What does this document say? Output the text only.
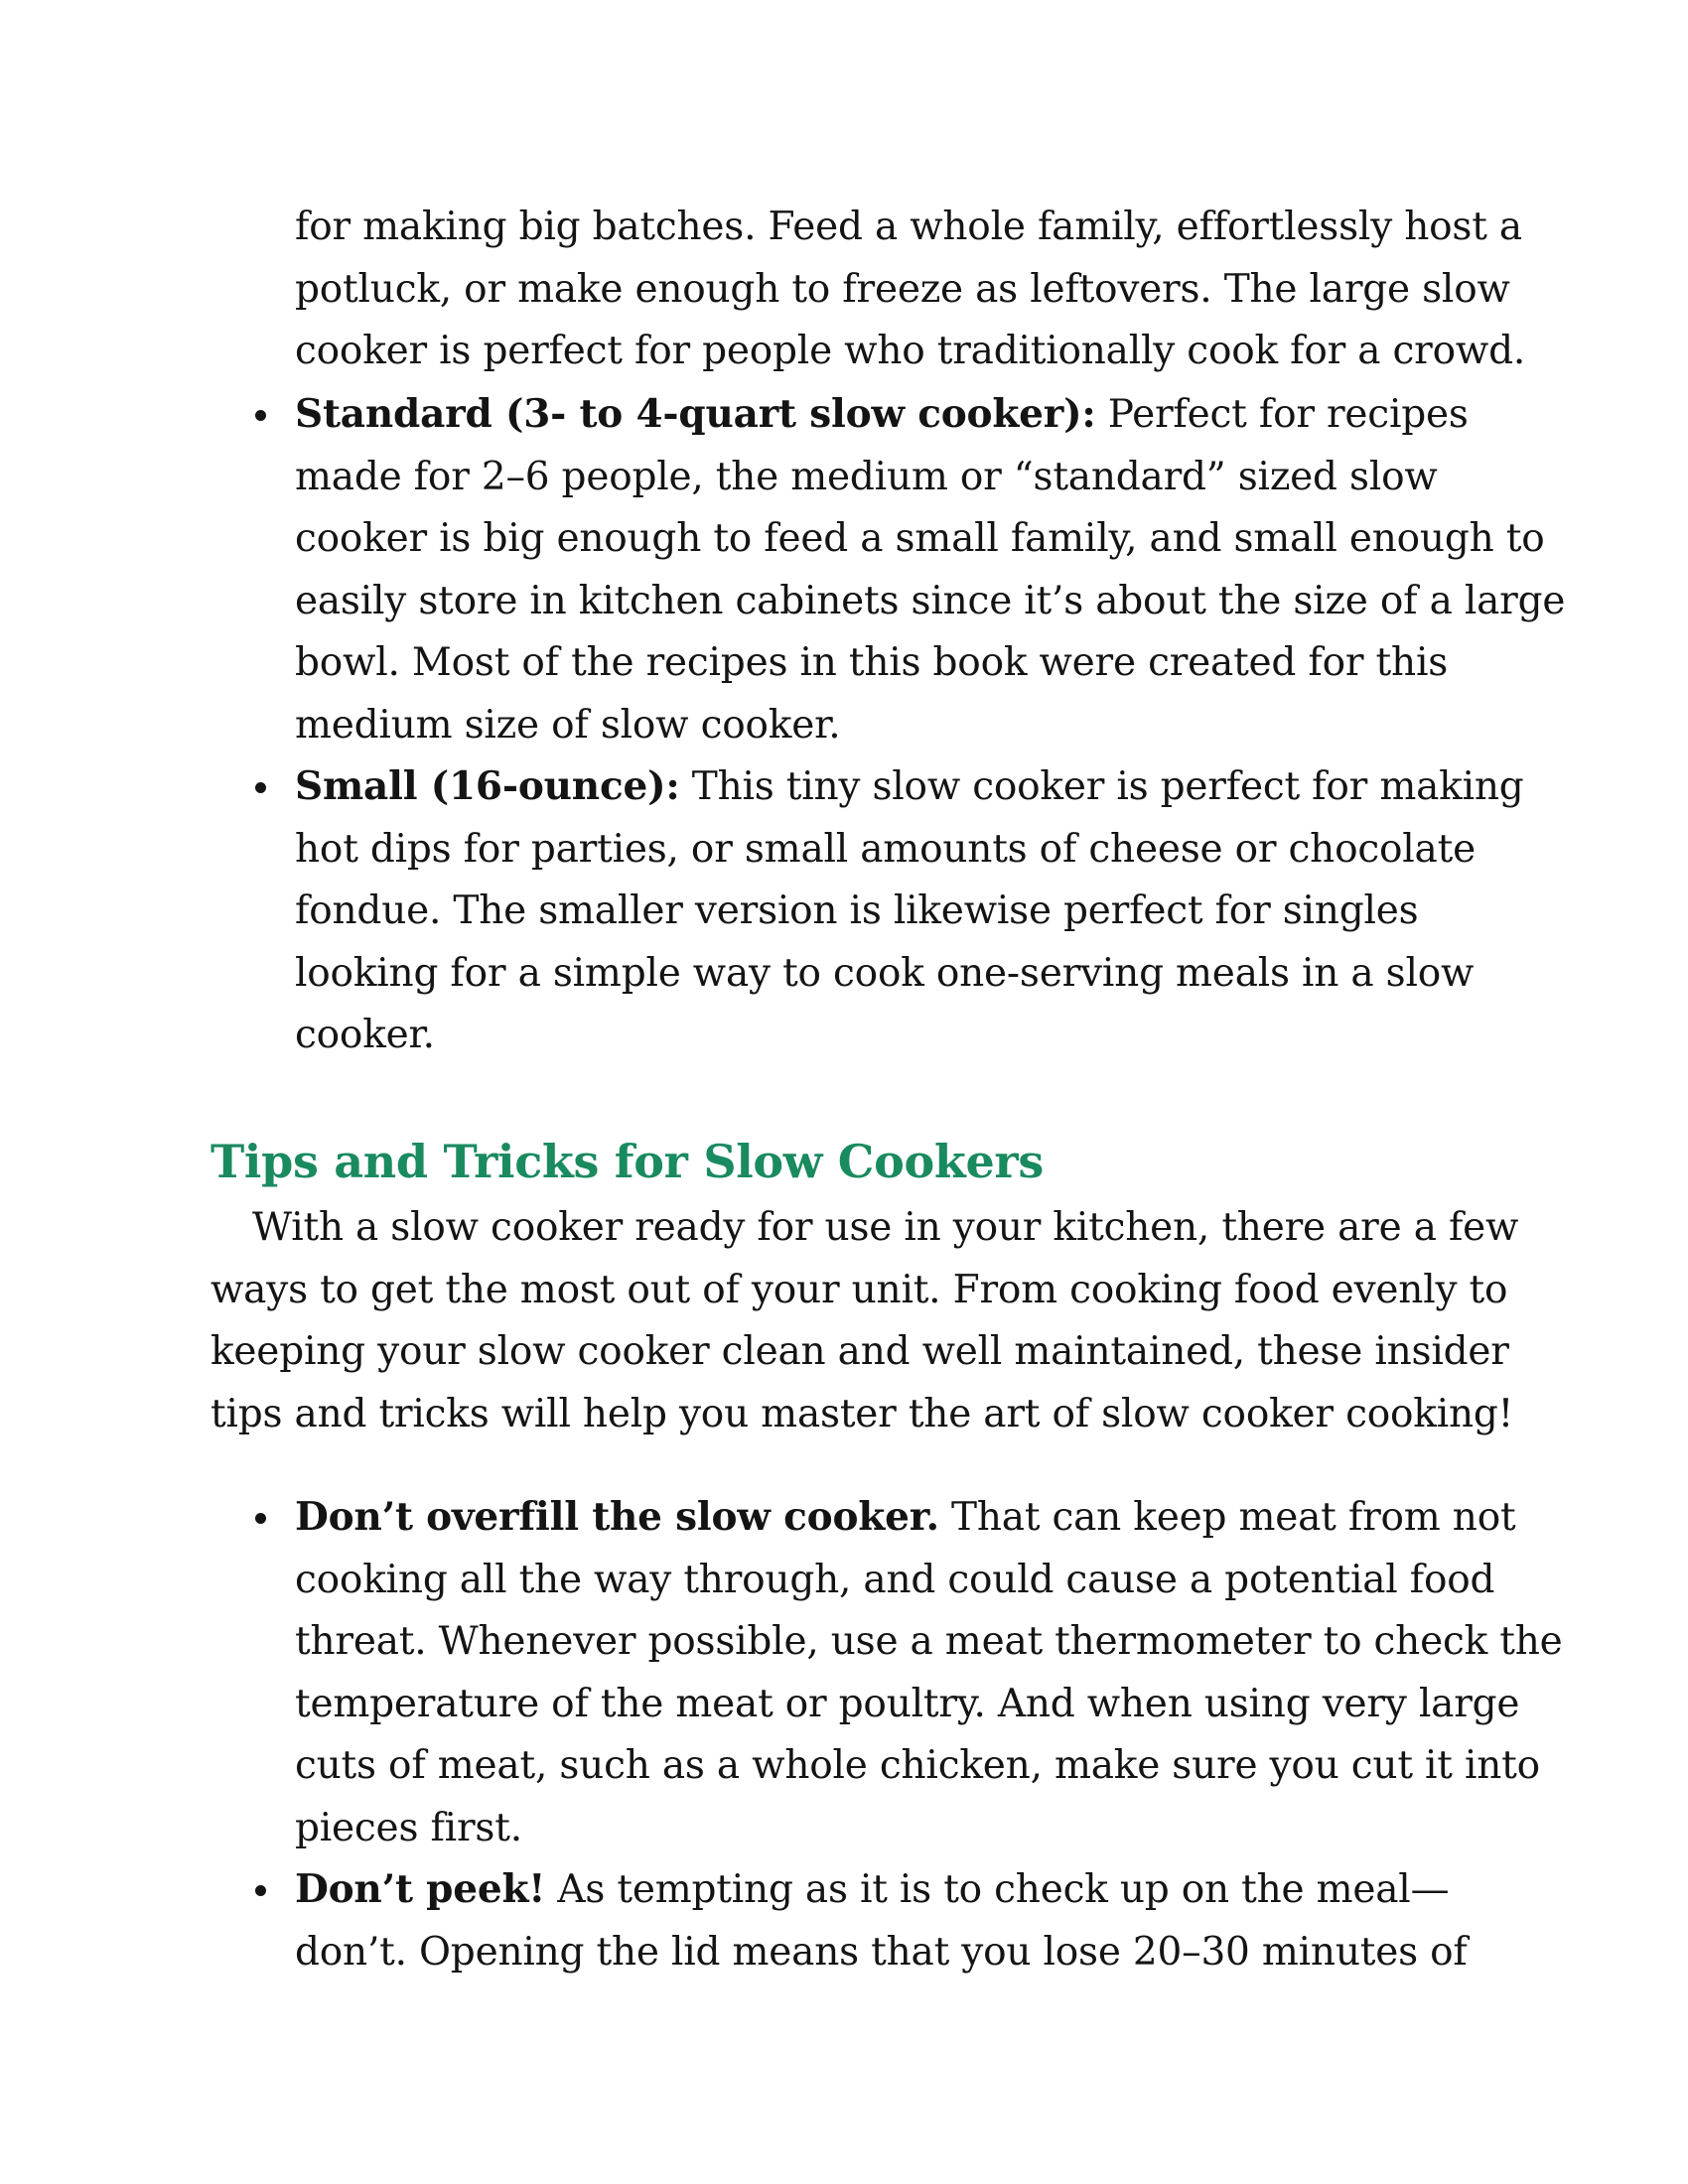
for making big batches. Feed a whole family, effortlessly host a
potluck, or make enough to freeze as leftovers. The large slow
cooker is perfect for people who traditionally cook for a crowd.
Standard (3- to 4-quart slow cooker): Perfect for recipes
made for 2–6 people, the medium or “standard” sized slow
cooker is big enough to feed a small family, and small enough to
easily store in kitchen cabinets since it’s about the size of a large
bowl. Most of the recipes in this book were created for this
medium size of slow cooker.
Small (16-ounce): This tiny slow cooker is perfect for making
hot dips for parties, or small amounts of cheese or chocolate
fondue. The smaller version is likewise perfect for singles
looking for a simple way to cook one-serving meals in a slow
cooker.
Tips and Tricks for Slow Cookers
With a slow cooker ready for use in your kitchen, there are a few
ways to get the most out of your unit. From cooking food evenly to
keeping your slow cooker clean and well maintained, these insider
tips and tricks will help you master the art of slow cooker cooking!
Don’t overfill the slow cooker. That can keep meat from not
cooking all the way through, and could cause a potential food
threat. Whenever possible, use a meat thermometer to check the
temperature of the meat or poultry. And when using very large
cuts of meat, such as a whole chicken, make sure you cut it into
pieces first.
Don’t peek! As tempting as it is to check up on the meal—
don’t. Opening the lid means that you lose 20–30 minutes of
